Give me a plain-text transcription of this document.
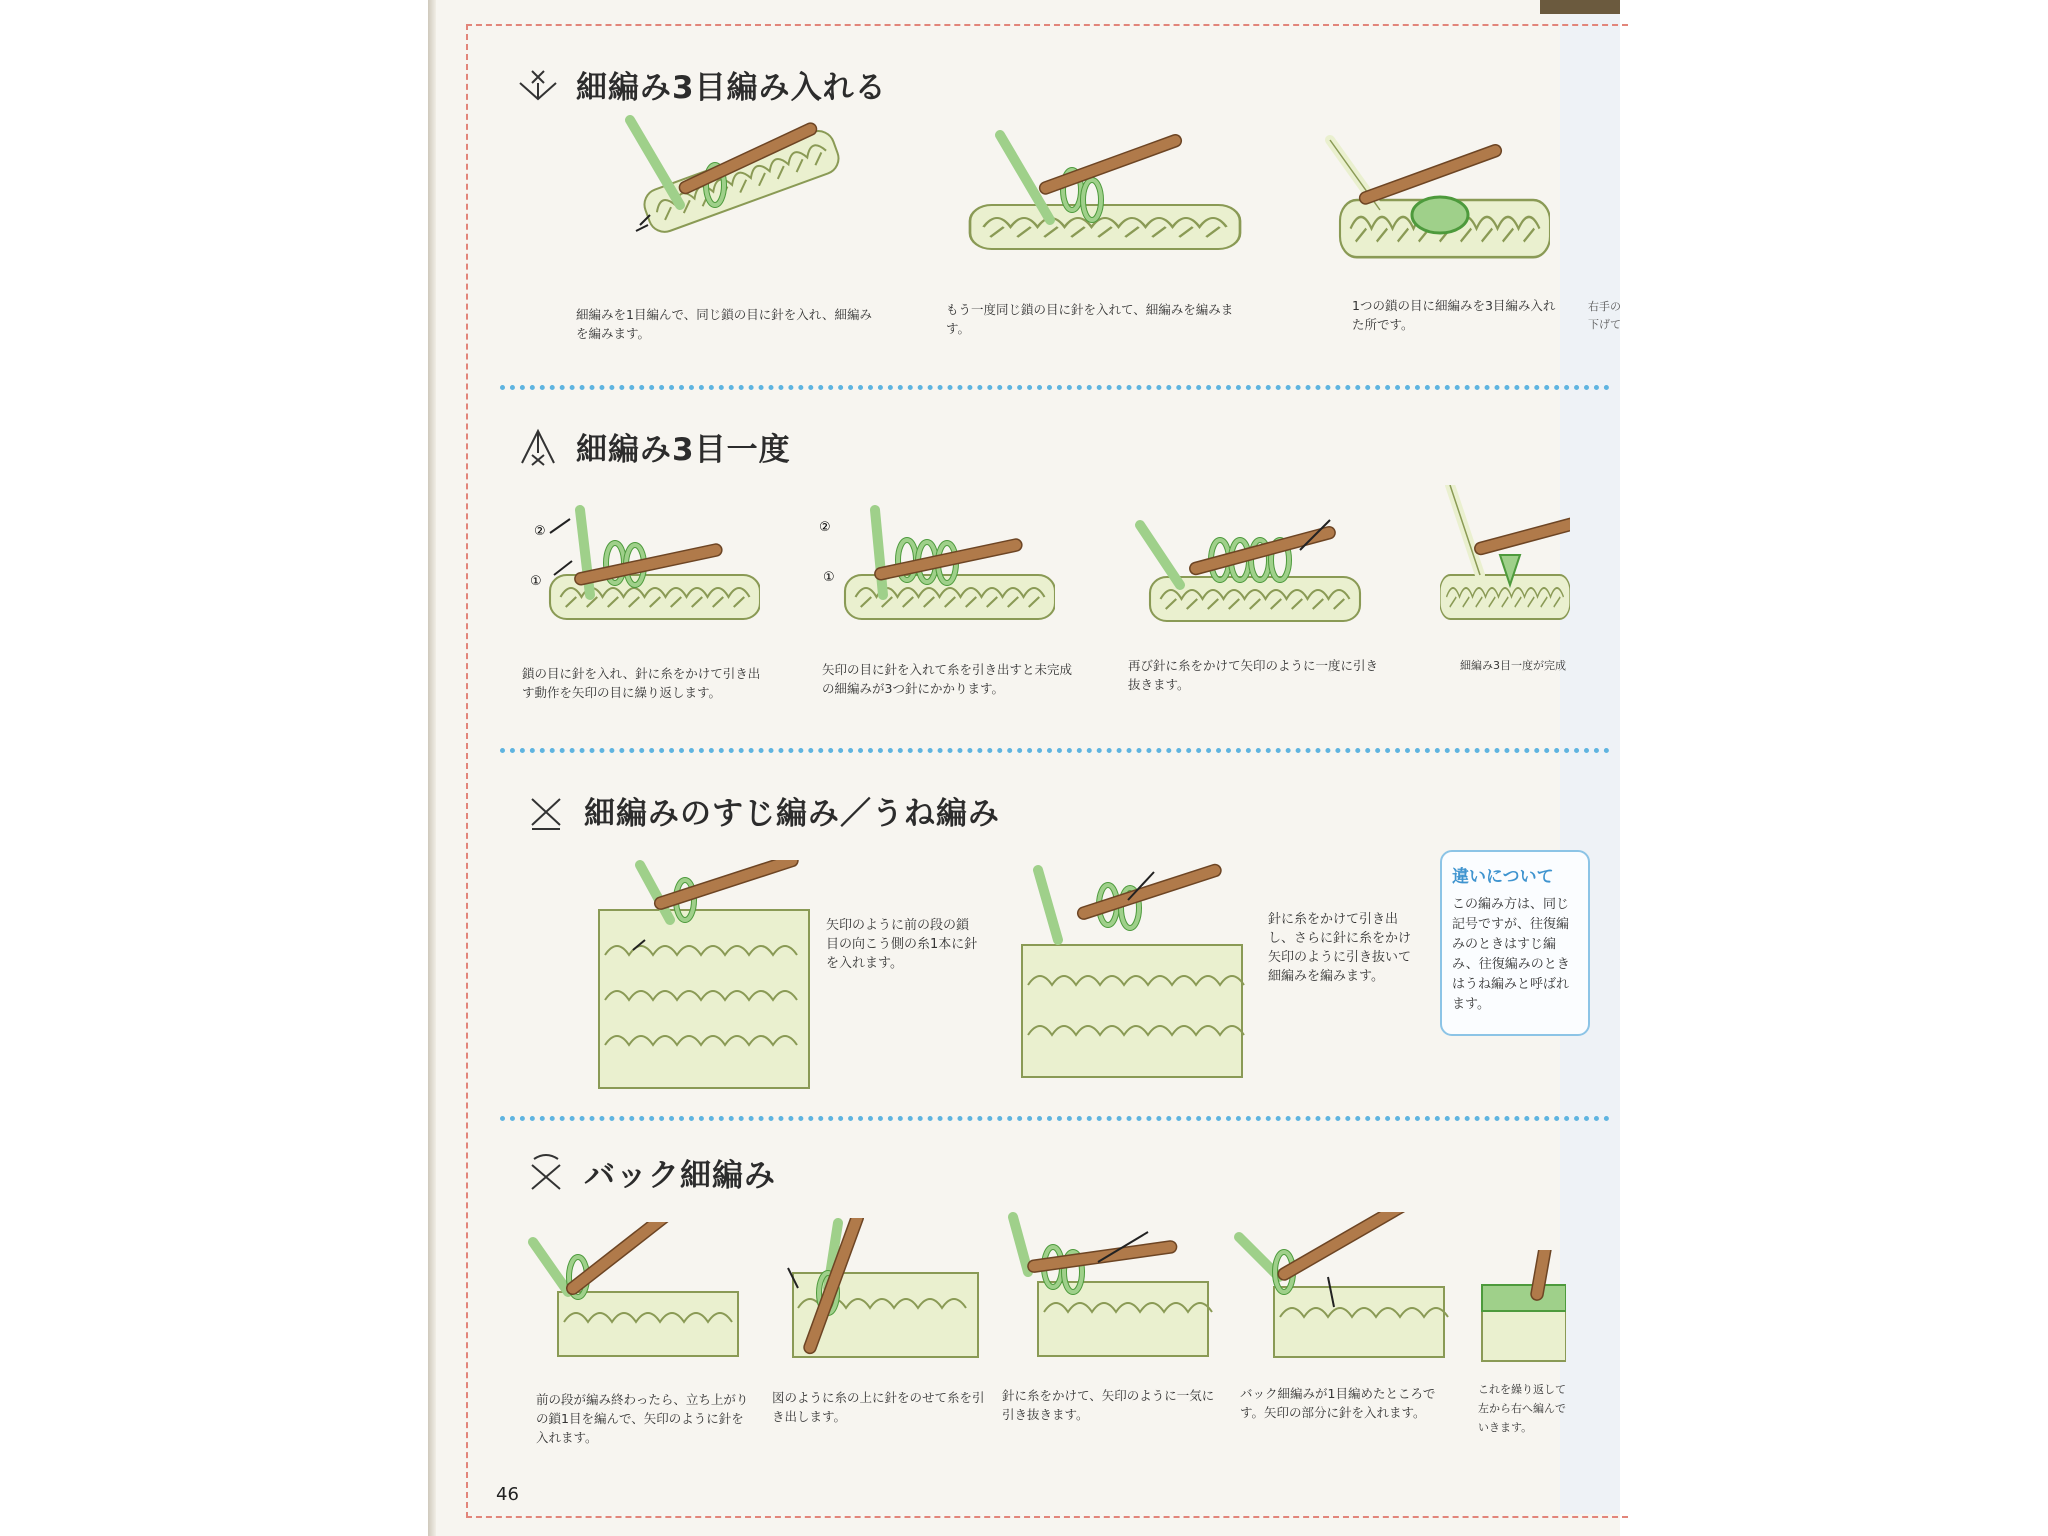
細編み3目編み入れる

細編みを1目編んで、同じ鎖の目に針を入れ、細編みを編みます。

もう一度同じ鎖の目に針を入れて、細編みを編みます。

1つの鎖の目に細編みを3目編み入れた所です。

細編み3目一度
②
①
②
①

鎖の目に針を入れ、針に糸をかけて引き出す動作を矢印の目に繰り返します。

矢印の目に針を入れて糸を引き出すと未完成の細編みが3つ針にかかります。

再び針に糸をかけて矢印のように一度に引き抜きます。

細編み3目一度が完成

細編みのすじ編み／うね編み

矢印のように前の段の鎖目の向こう側の糸1本に針を入れます。

針に糸をかけて引き出し、さらに針に糸をかけ矢印のように引き抜いて細編みを編みます。

違いについて

この編み方は、同じ記号ですが、往復編みのときはすじ編み、往復編みのときはうね編みと呼ばれます。

バック細編み

前の段が編み終わったら、立ち上がりの鎖1目を編んで、矢印のように針を入れます。

図のように糸の上に針をのせて糸を引き出します。

針に糸をかけて、矢印のように一気に引き抜きます。

バック細編みが1目編めたところです。矢印の部分に針を入れます。

これを繰り返して左から右へ編んでいきます。

右手の
下げて
46
